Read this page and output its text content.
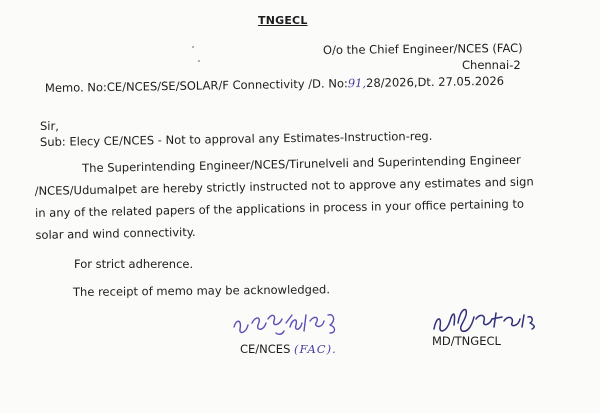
TNGECL
O/o the Chief Engineer/NCES (FAC)
Chennai-2
Memo. No:CE/NCES/SE/SOLAR/F Connectivity /D. No:91,28/2026,Dt. 27.05.2026
Sir,
Sub: Elecy CE/NCES - Not to approval any Estimates-Instruction-reg.
The Superintending Engineer/NCES/Tirunelveli and Superintending Engineer
/NCES/Udumalpet are hereby strictly instructed not to approve any estimates and sign
in any of the related papers of the applications in process in your office pertaining to
solar and wind connectivity.
For strict adherence.
The receipt of memo may be acknowledged.
CE/NCES (FAC).
MD/TNGECL
